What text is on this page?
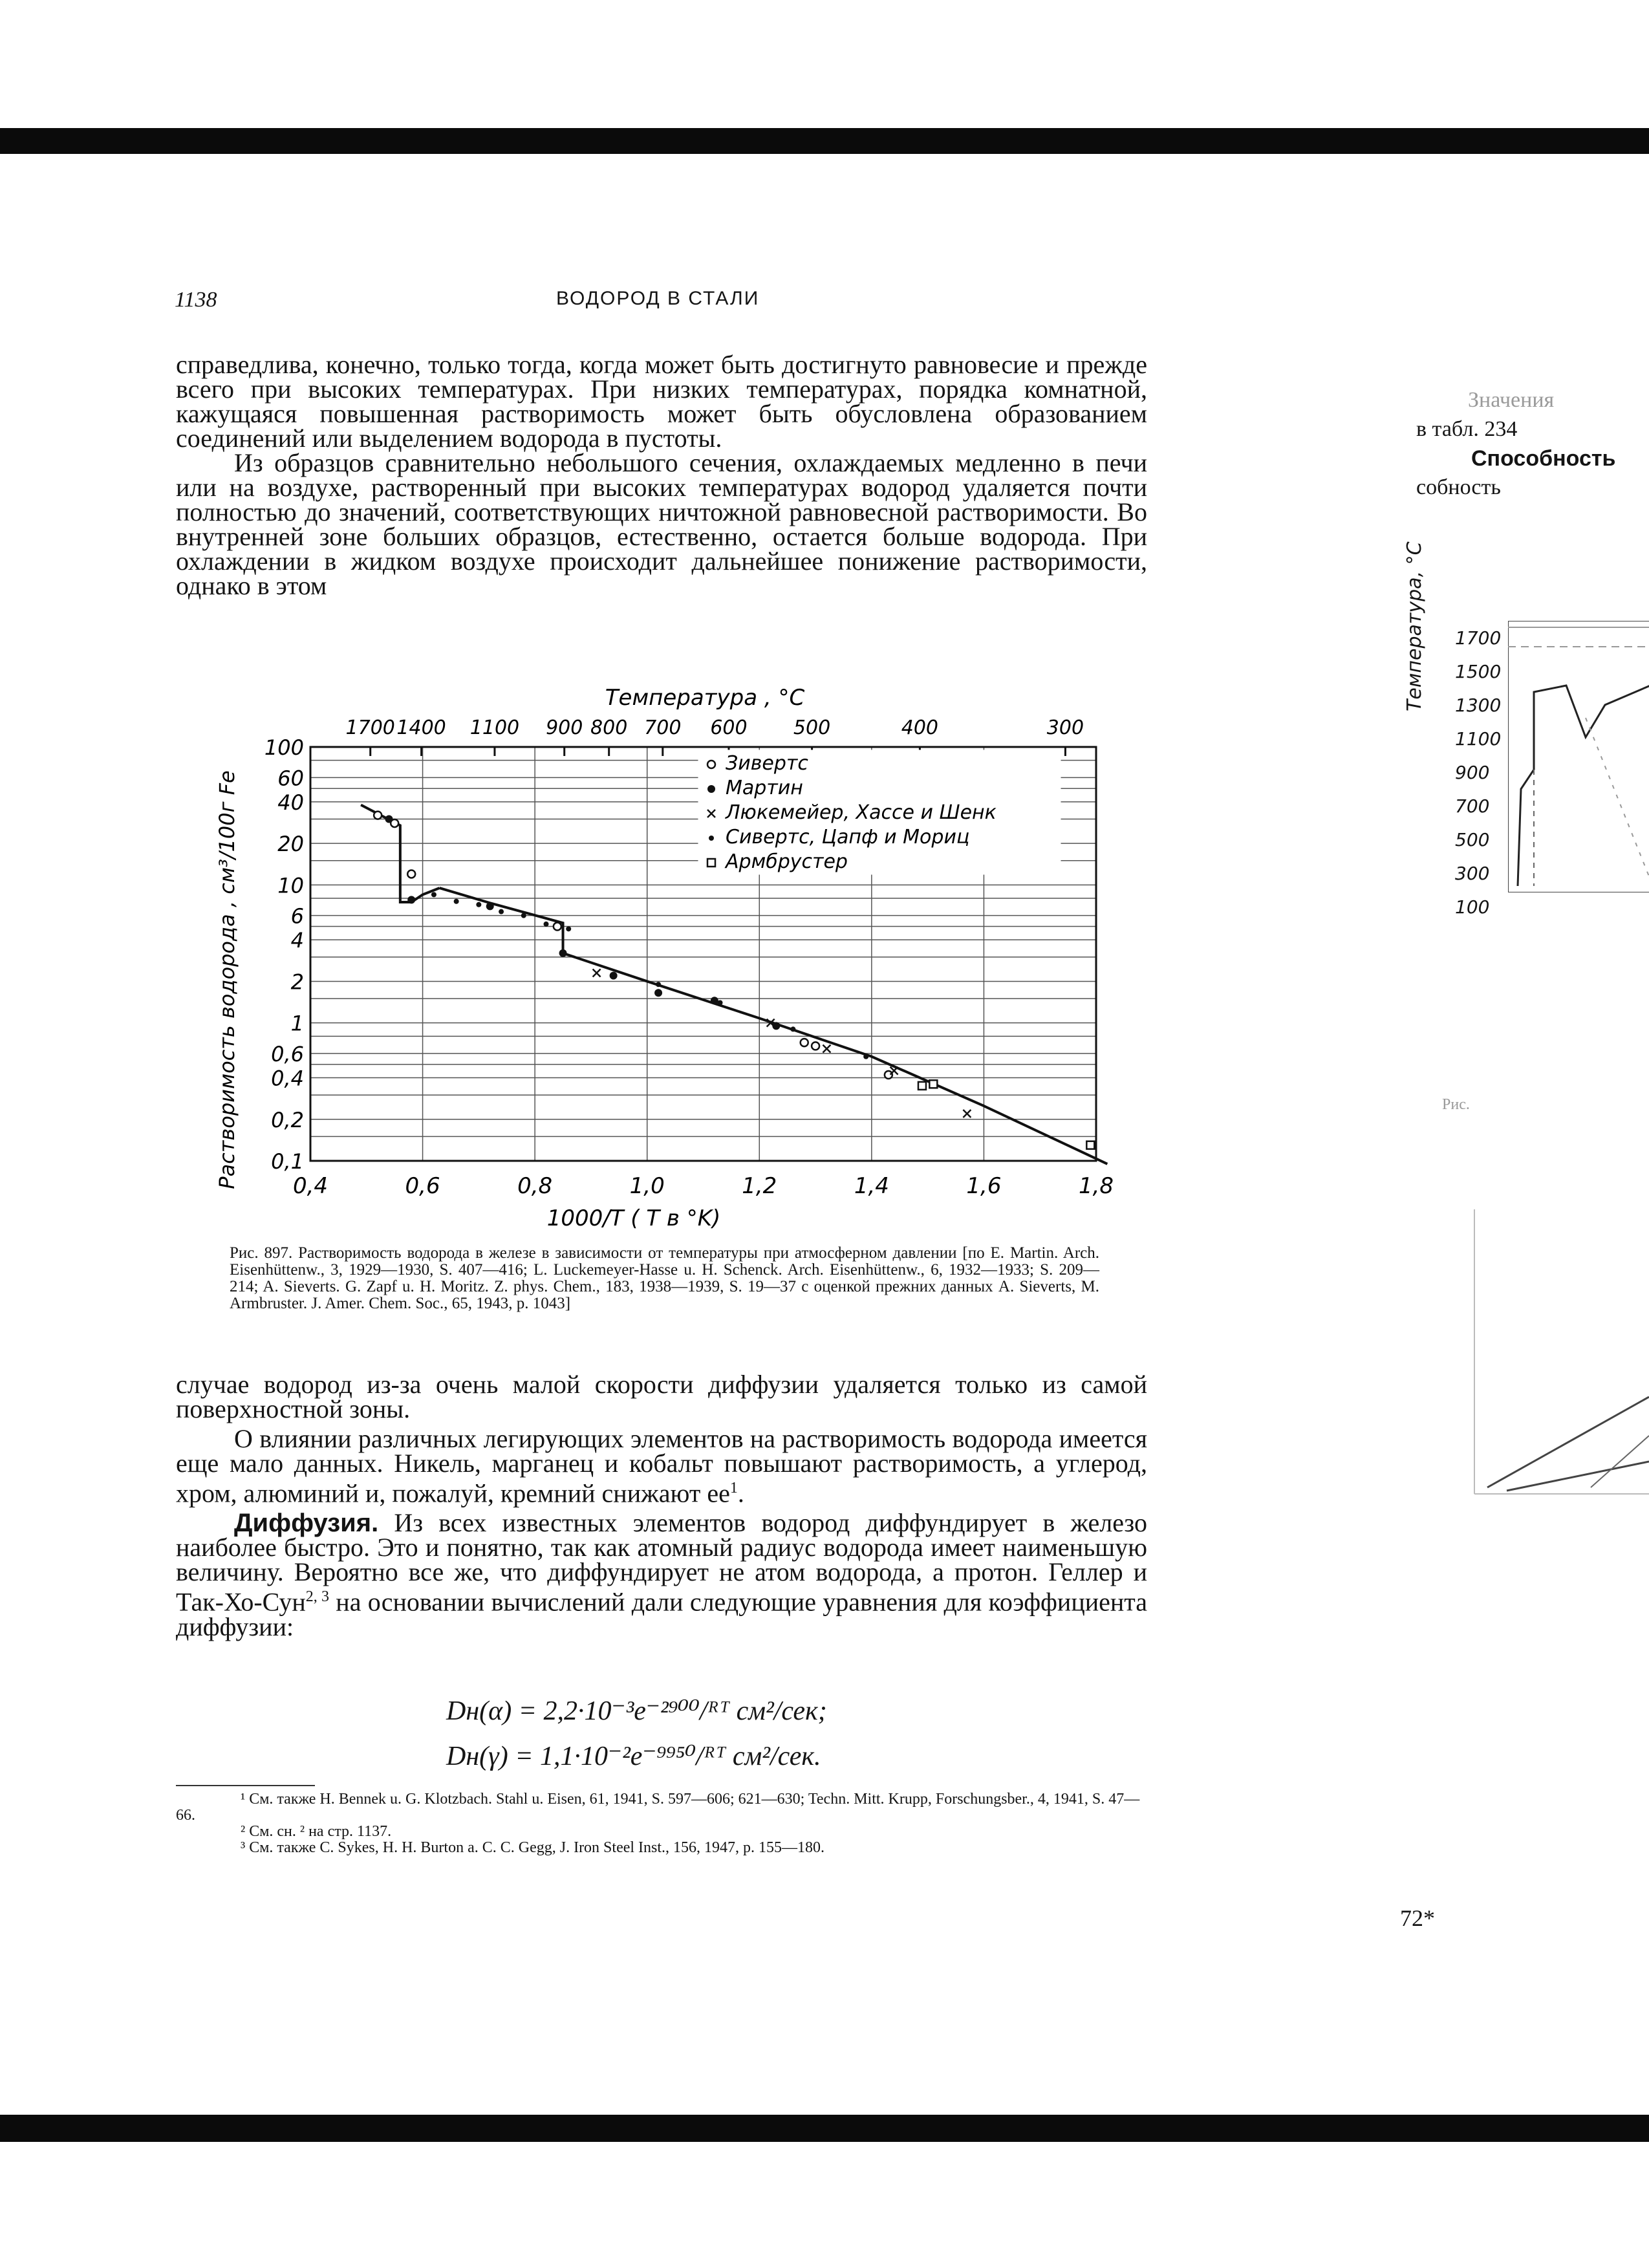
1138	ВОДОРОД В СТАЛИ

справедлива, конечно, только тогда, когда может быть достигнуто равновесие и прежде всего при высоких температурах. При низких температурах, порядка комнатной, кажущаяся повышенная растворимость может быть обусловлена образованием соединений или выделением водорода в пустоты.

Из образцов сравнительно небольшого сечения, охлаждаемых медленно в печи или на воздухе, растворенный при высоких температурах водород удаляется почти полностью до значений, соответствующих ничтожной равновесной растворимости. Во внутренней зоне больших образцов, естественно, остается больше водорода. При охлаждении в жидком воздухе происходит дальнейшее понижение растворимости, однако в этом

0,4	0,6	0,8	1,0	1,2	1,4	1,6	1,8
100
60
40
20
10
6
4
2
1
0,6
0,4
0,2
0,1
1700 1400 1100 900 800 700 600 500	400	300
Зивертс
Мартин
Люкемейер, Хассе и Шенк
Сивертс, Цапф и Мориц
Армбрустер
Температура , °С
1000/T ( T в °K)
Растворимость водорода , см³/100г Fe
Рис. 897. Растворимость водорода в железе в зависимости от температуры при атмосферном давлении [по E. Martin. Arch. Eisenhüttenw., 3, 1929—1930, S. 407—416; L. Luckemeyer-Hasse u. H. Schenck. Arch. Eisenhüttenw., 6, 1932—1933; S. 209—214; A. Sieverts. G. Zapf u. H. Moritz. Z. phys. Chem., 183, 1938—1939, S. 19—37 с оценкой прежних данных A. Sieverts, M. Armbruster. J. Amer. Chem. Soc., 65, 1943, p. 1043]

случае водород из-за очень малой скорости диффузии удаляется только из самой поверхностной зоны.

О влиянии различных легирующих элементов на растворимость водорода имеется еще мало данных. Никель, марганец и кобальт повышают растворимость, а углерод, хром, алюминий и, пожалуй, кремний снижают $ее^1$.

Диффузия. Из всех известных элементов водород диффундирует в железо наиболее быстро. Это и понятно, так как атомный радиус водорода имеет наименьшую величину. Вероятно все же, что диффундирует не атом водорода, а протон. Геллер и Так-Хо-Сун$^{2, 3}$ на основании вычислений дали следующие уравнения для коэффициента диффузии:

Dн(α) = 2,2·10⁻³e⁻²⁹⁰⁰/ᴿᵀ см²/сек;
Dн(γ) = 1,1·10⁻²e⁻⁹⁹⁵⁰/ᴿᵀ см²/сек.
¹ См. также H. Bennek u. G. Klotzbach. Stahl u. Eisen, 61, 1941, S. 597—606; 621—630; Techn. Mitt. Krupp, Forschungsber., 4, 1941, S. 47—66.
² См. сн. ² на стр. 1137.
³ См. также C. Sykes, H. H. Burton a. C. C. Gegg, J. Iron Steel Inst., 156, 1947, p. 155—180.
Значения
в табл. 234
Способность
собность
Температура, °С 1700
1500
1300
1100
900
700
500
300
100
Рис.
72*
